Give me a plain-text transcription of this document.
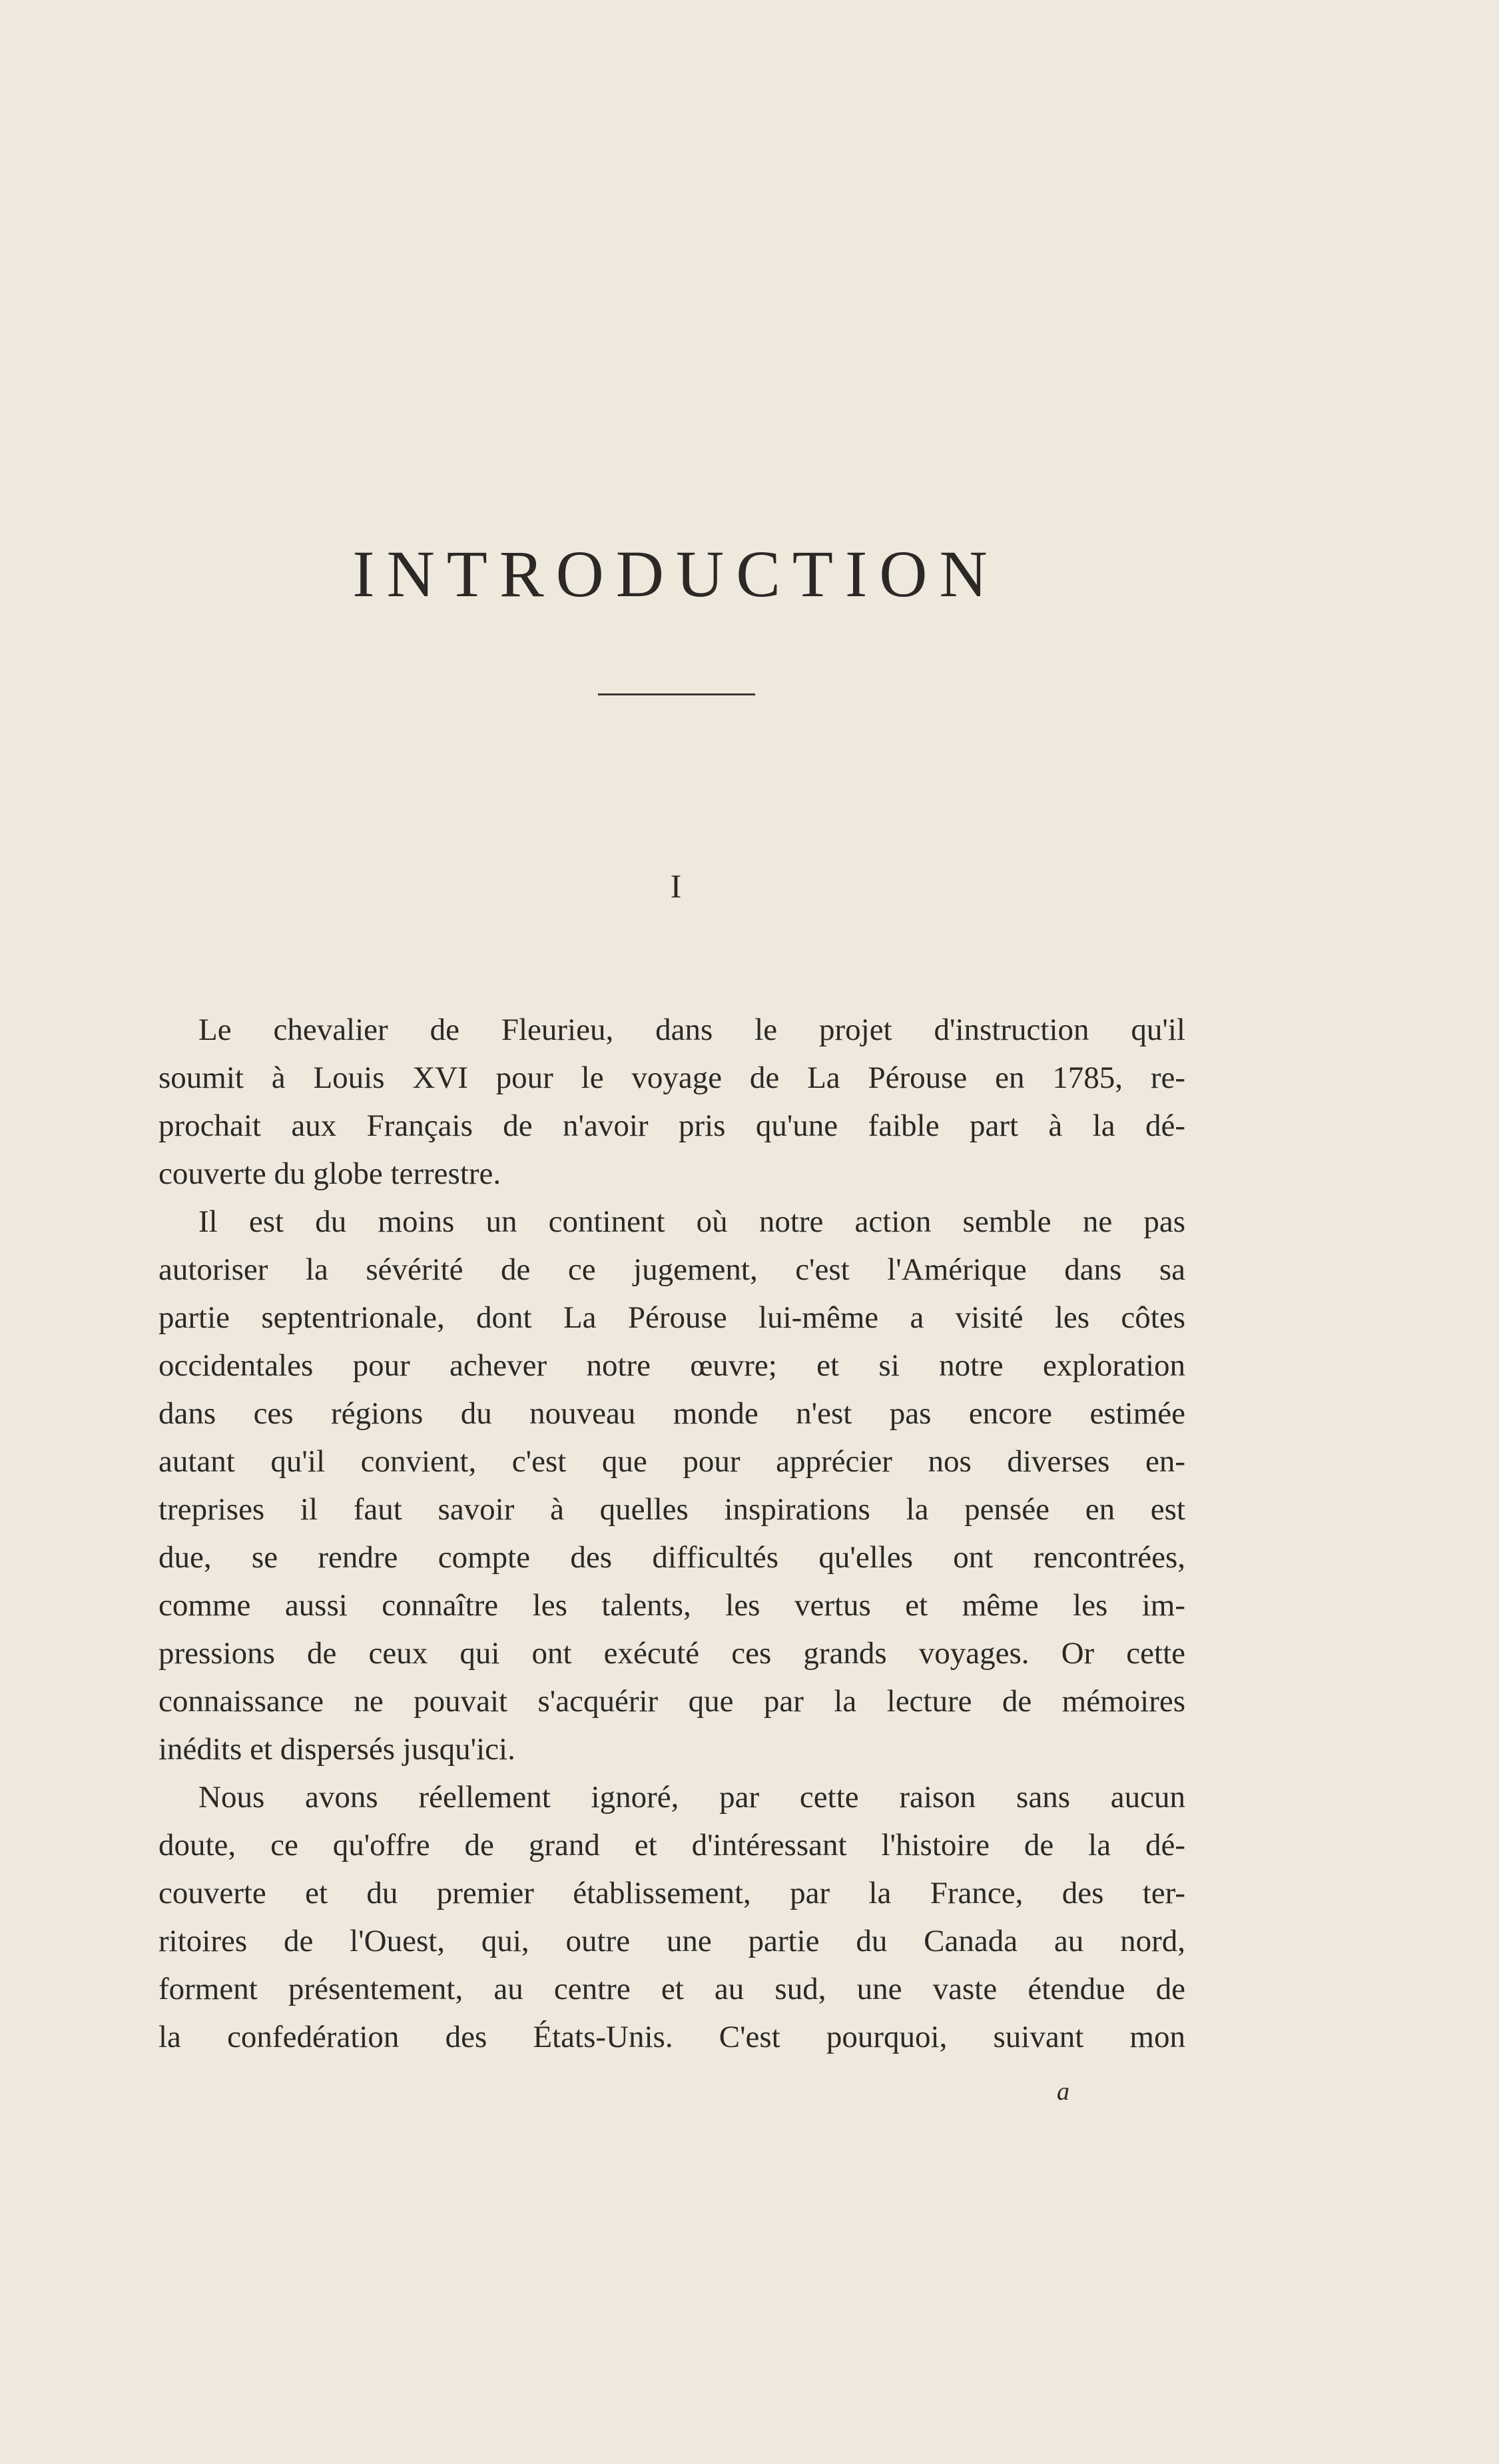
INTRODUCTION
I
Le chevalier de Fleurieu, dans le projet d'instruction qu'il
soumit à Louis XVI pour le voyage de La Pérouse en 1785, re-
prochait aux Français de n'avoir pris qu'une faible part à la dé-
couverte du globe terrestre.
Il est du moins un continent où notre action semble ne pas
autoriser la sévérité de ce jugement, c'est l'Amérique dans sa
partie septentrionale, dont La Pérouse lui-même a visité les côtes
occidentales pour achever notre œuvre; et si notre exploration
dans ces régions du nouveau monde n'est pas encore estimée
autant qu'il convient, c'est que pour apprécier nos diverses en-
treprises il faut savoir à quelles inspirations la pensée en est
due, se rendre compte des difficultés qu'elles ont rencontrées,
comme aussi connaître les talents, les vertus et même les im-
pressions de ceux qui ont exécuté ces grands voyages. Or cette
connaissance ne pouvait s'acquérir que par la lecture de mémoires
inédits et dispersés jusqu'ici.
Nous avons réellement ignoré, par cette raison sans aucun
doute, ce qu'offre de grand et d'intéressant l'histoire de la dé-
couverte et du premier établissement, par la France, des ter-
ritoires de l'Ouest, qui, outre une partie du Canada au nord,
forment présentement, au centre et au sud, une vaste étendue de
la confedération des États-Unis. C'est pourquoi, suivant mon
a
